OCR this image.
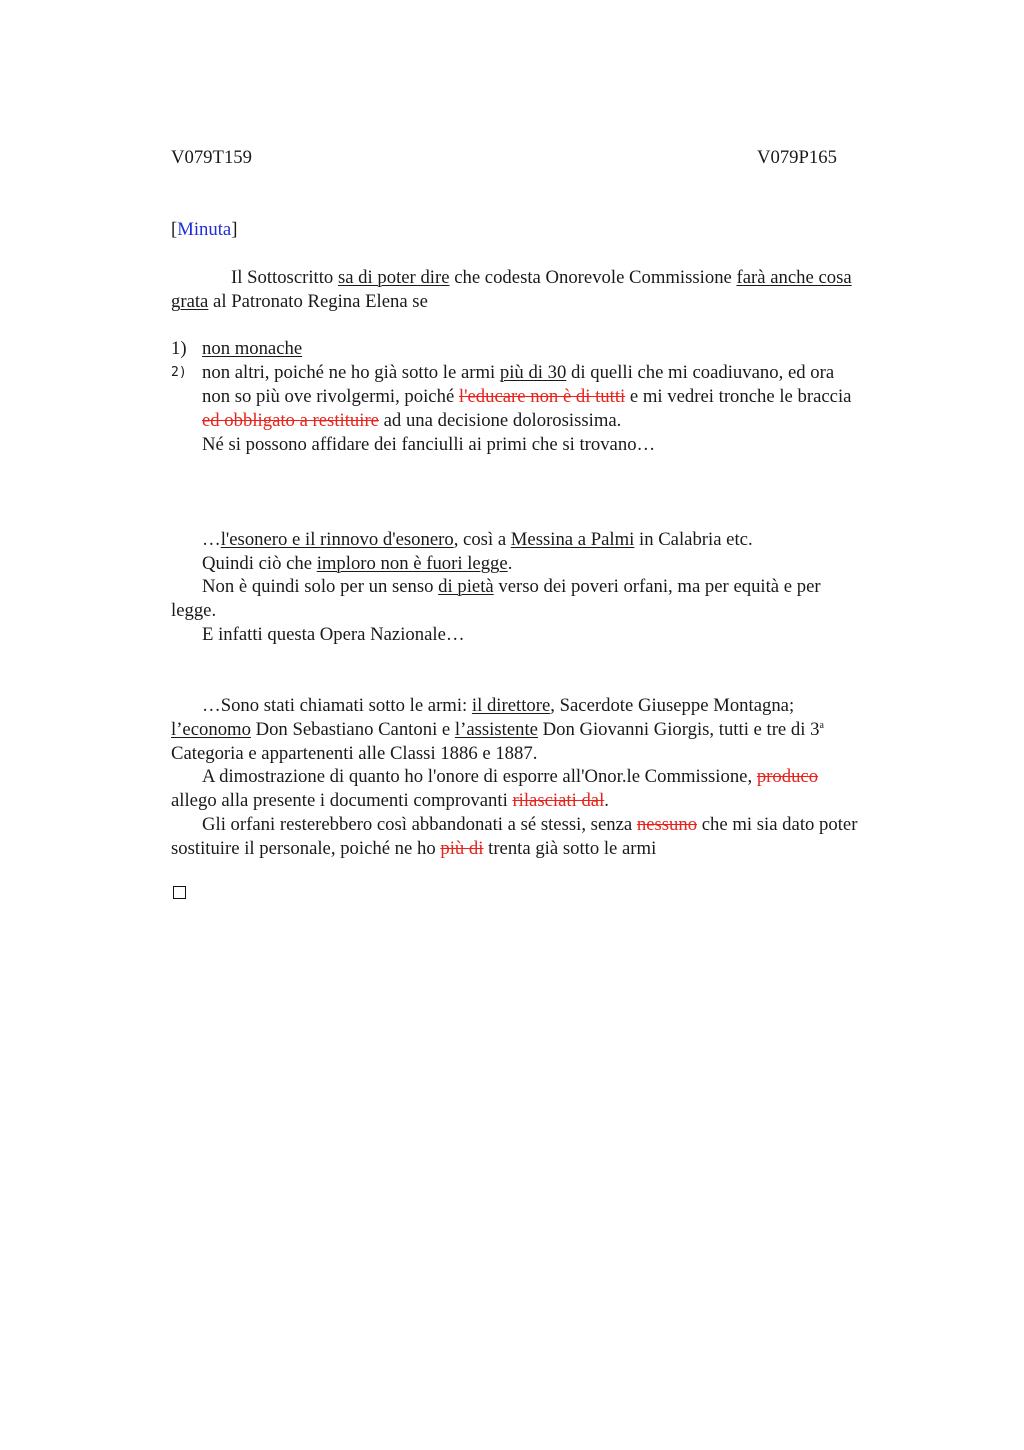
V079T159	V079P165
[Minuta]
Il Sottoscritto sa di poter dire che codesta Onorevole Commissione farà anche cosa
grata al Patronato Regina Elena se
1) non monache
2) non altri, poiché ne ho già sotto le armi più di 30 di quelli che mi coadiuvano, ed ora
non so più ove rivolgermi, poiché l'educare non è di tutti e mi vedrei tronche le braccia
ed obbligato a restituire ad una decisione dolorosissima.
Né si possono affidare dei fanciulli ai primi che si trovano…
…l'esonero e il rinnovo d'esonero, così a Messina a Palmi in Calabria etc.
Quindi ciò che imploro non è fuori legge.
Non è quindi solo per un senso di pietà verso dei poveri orfani, ma per equità e per
legge.
E infatti questa Opera Nazionale…
…Sono stati chiamati sotto le armi: il direttore, Sacerdote Giuseppe Montagna;
l’economo Don Sebastiano Cantoni e l’assistente Don Giovanni Giorgis, tutti e tre di 3$^a$
Categoria e appartenenti alle Classi 1886 e 1887.
A dimostrazione di quanto ho l'onore di esporre all'Onor.le Commissione, produco
allego alla presente i documenti comprovanti rilasciati dal.
Gli orfani resterebbero così abbandonati a sé stessi, senza nessuno che mi sia dato poter
sostituire il personale, poiché ne ho più di trenta già sotto le armi
